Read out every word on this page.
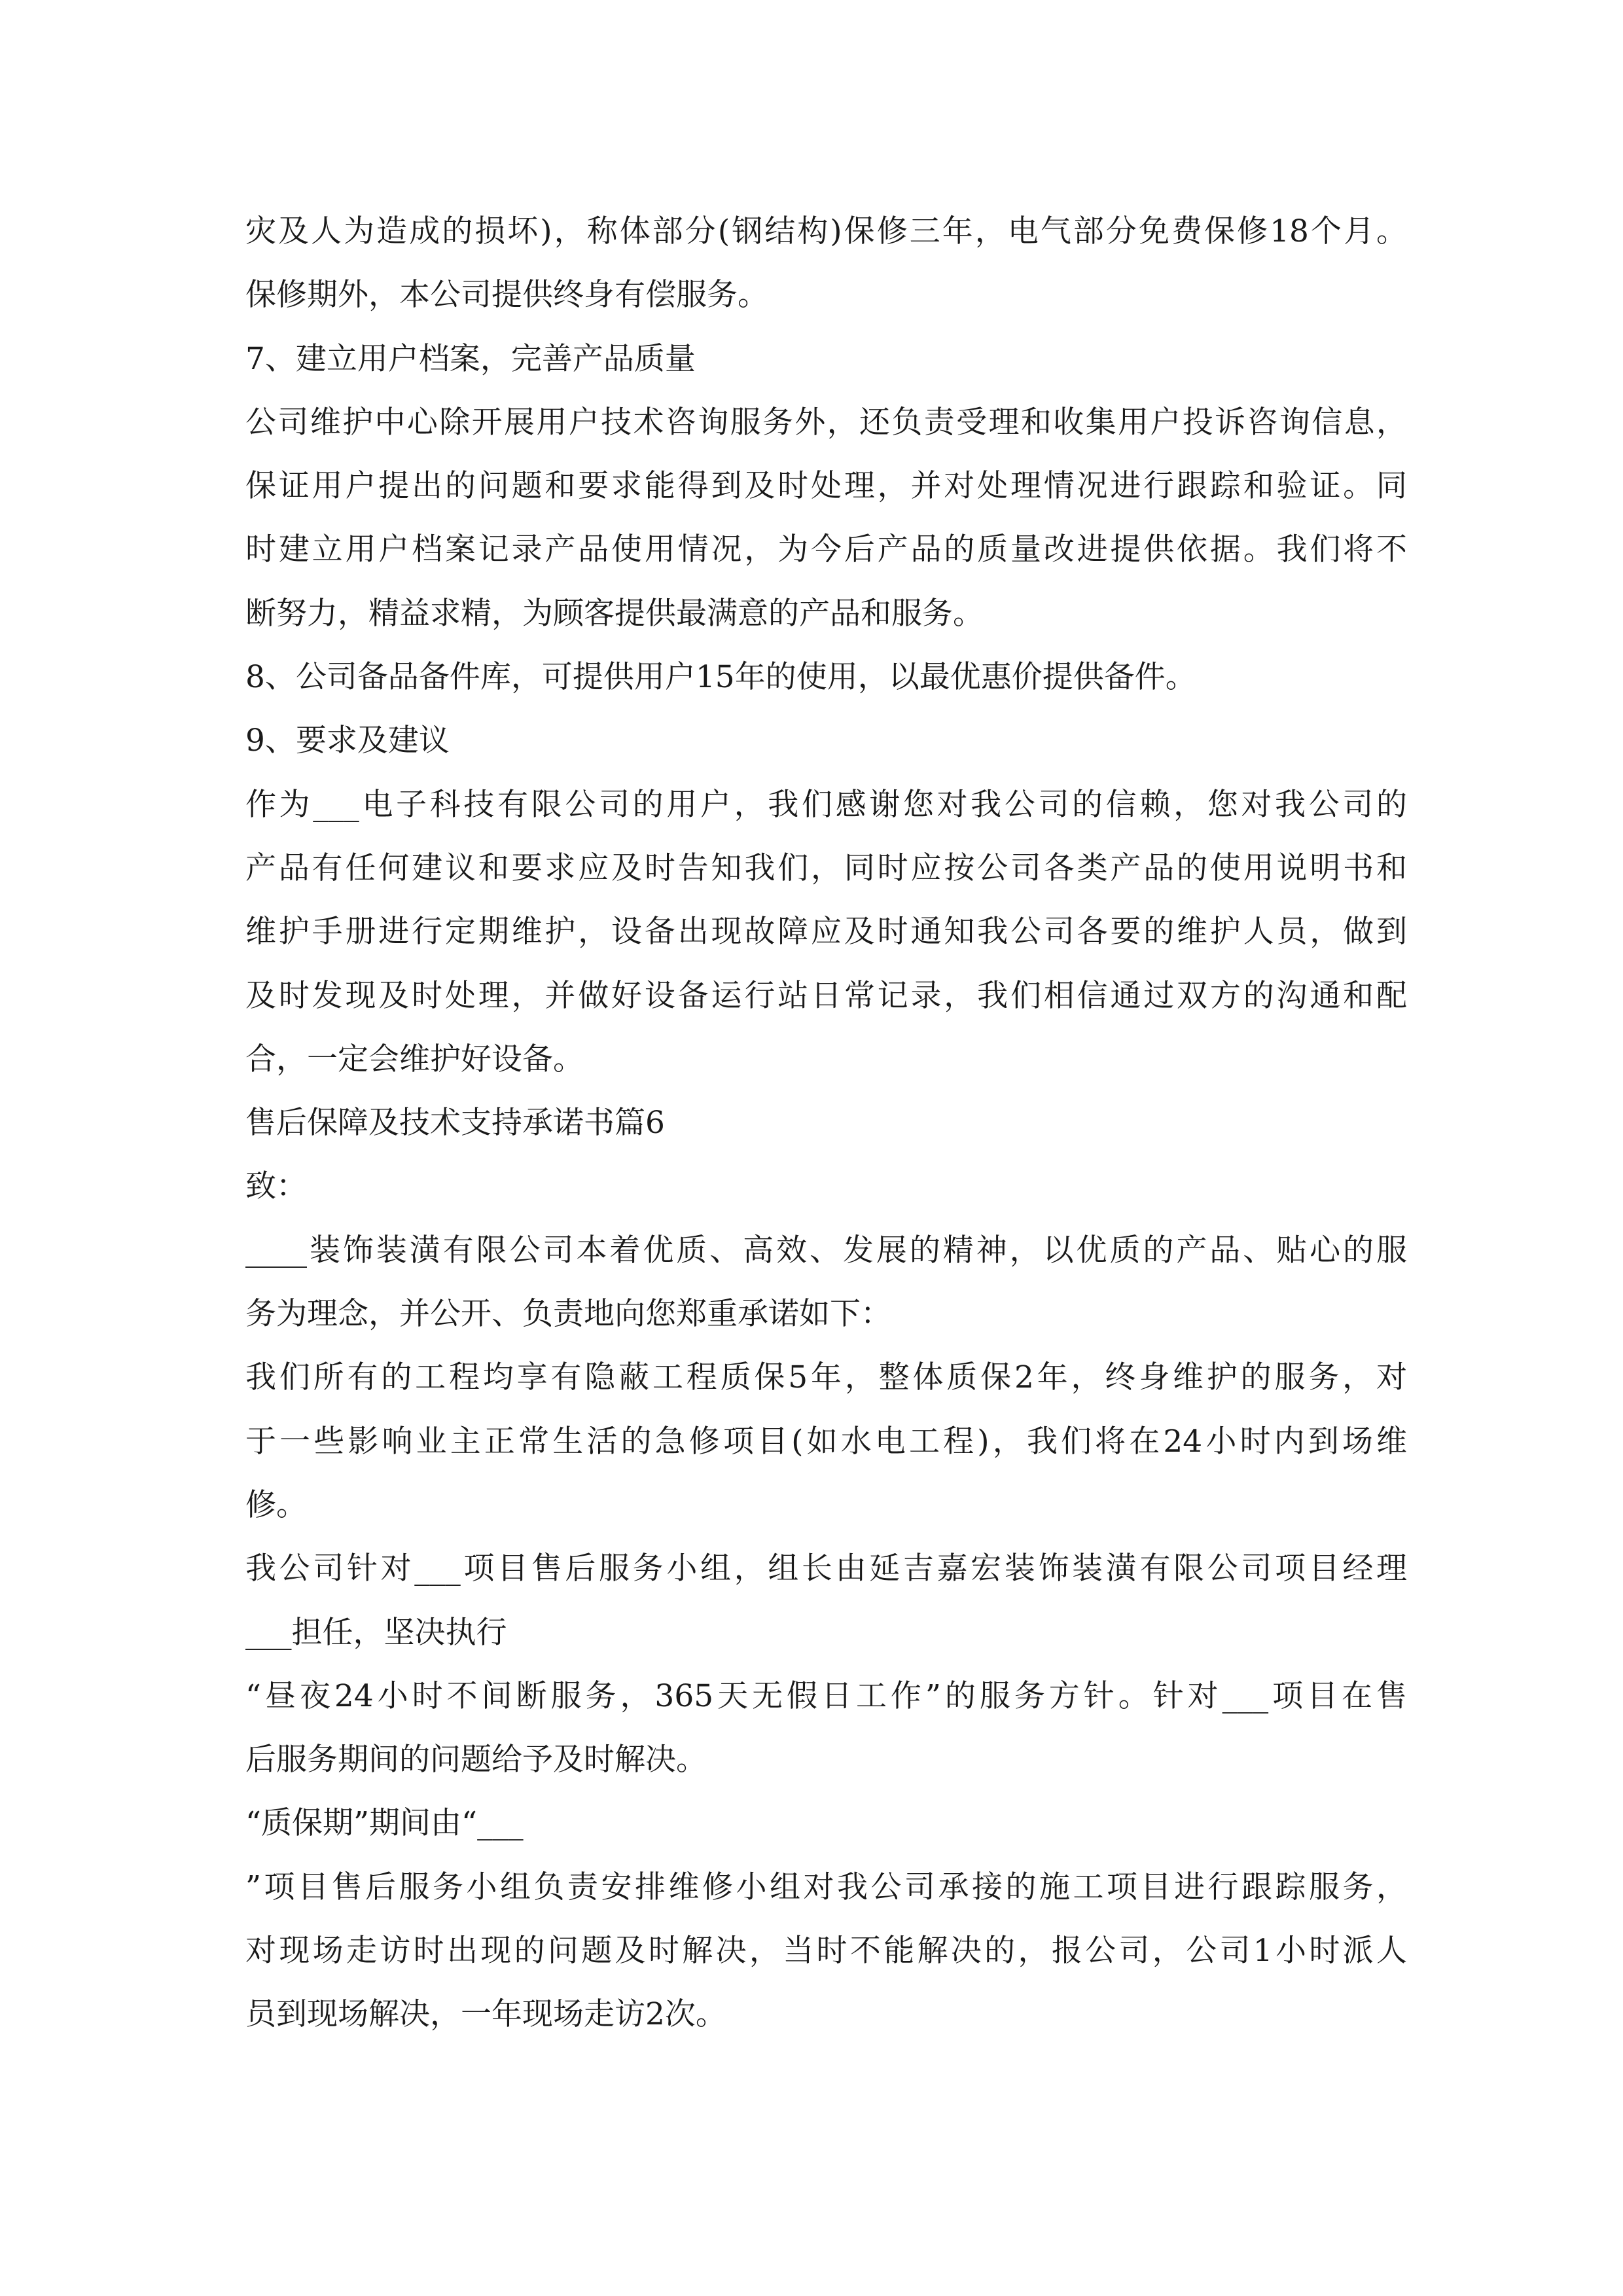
灾及人为造成的损坏)，称体部分(钢结构)保修三年，电气部分免费保修18个月。
保修期外，本公司提供终身有偿服务。
7、建立用户档案，完善产品质量
公司维护中心除开展用户技术咨询服务外，还负责受理和收集用户投诉咨询信息，
保证用户提出的问题和要求能得到及时处理，并对处理情况进行跟踪和验证。同
时建立用户档案记录产品使用情况，为今后产品的质量改进提供依据。我们将不
断努力，精益求精，为顾客提供最满意的产品和服务。
8、公司备品备件库，可提供用户15年的使用，以最优惠价提供备件。
9、要求及建议
作为___电子科技有限公司的用户，我们感谢您对我公司的信赖，您对我公司的
产品有任何建议和要求应及时告知我们，同时应按公司各类产品的使用说明书和
维护手册进行定期维护，设备出现故障应及时通知我公司各要的维护人员，做到
及时发现及时处理，并做好设备运行站日常记录，我们相信通过双方的沟通和配
合，一定会维护好设备。
售后保障及技术支持承诺书篇6
致：
____装饰装潢有限公司本着优质、高效、发展的精神，以优质的产品、贴心的服
务为理念，并公开、负责地向您郑重承诺如下：
我们所有的工程均享有隐蔽工程质保5年，整体质保2年，终身维护的服务，对
于一些影响业主正常生活的急修项目(如水电工程)，我们将在24小时内到场维
修。
我公司针对___项目售后服务小组，组长由延吉嘉宏装饰装潢有限公司项目经理
___担任，坚决执行
“昼夜24小时不间断服务，365天无假日工作”的服务方针。针对___项目在售
后服务期间的问题给予及时解决。
“质保期”期间由“___
”项目售后服务小组负责安排维修小组对我公司承接的施工项目进行跟踪服务，
对现场走访时出现的问题及时解决，当时不能解决的，报公司，公司1小时派人
员到现场解决，一年现场走访2次。
